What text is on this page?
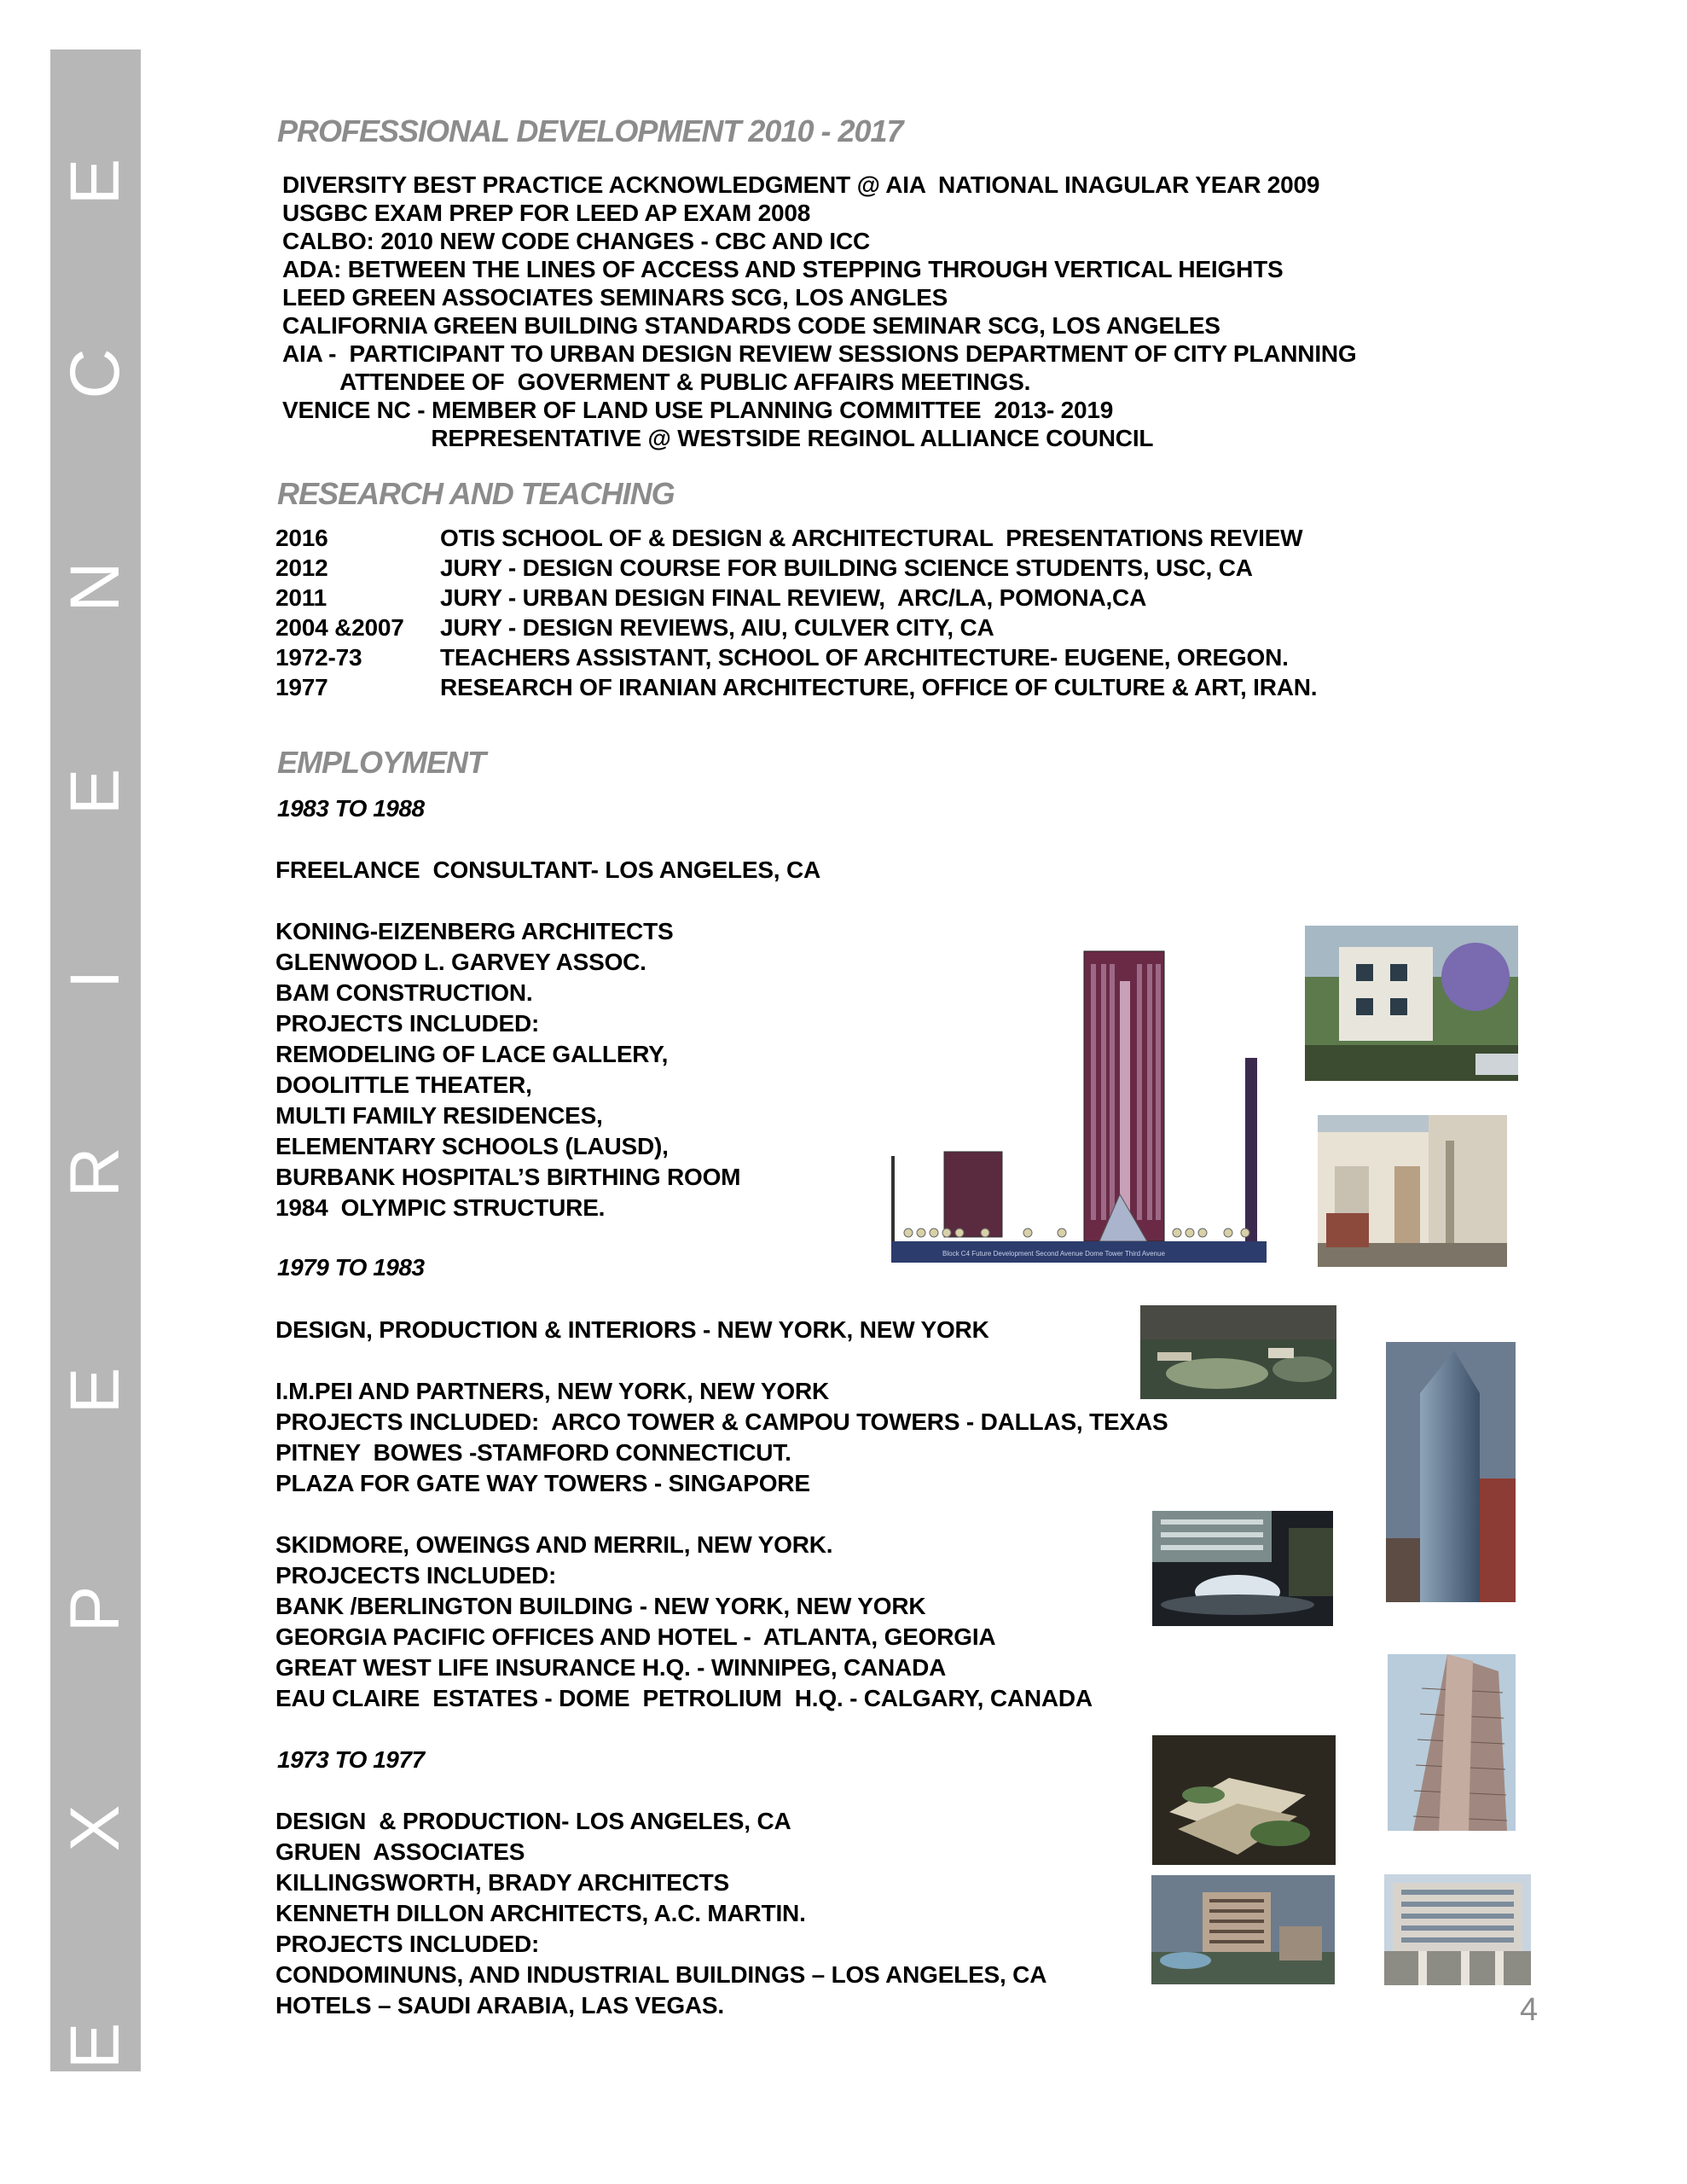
E
X
P
E
R
I
E
N
C
E
PROFESSIONAL DEVELOPMENT 2010 - 2017
DIVERSITY BEST PRACTICE ACKNOWLEDGMENT @ AIA  NATIONAL INAGULAR YEAR 2009
USGBC EXAM PREP FOR LEED AP EXAM 2008
CALBO: 2010 NEW CODE CHANGES - CBC AND ICC
ADA: BETWEEN THE LINES OF ACCESS AND STEPPING THROUGH VERTICAL HEIGHTS
LEED GREEN ASSOCIATES SEMINARS SCG, LOS ANGLES
CALIFORNIA GREEN BUILDING STANDARDS CODE SEMINAR SCG, LOS ANGELES
AIA -  PARTICIPANT TO URBAN DESIGN REVIEW SESSIONS DEPARTMENT OF CITY PLANNING
ATTENDEE OF  GOVERMENT & PUBLIC AFFAIRS MEETINGS.
VENICE NC - MEMBER OF LAND USE PLANNING COMMITTEE  2013- 2019
REPRESENTATIVE @ WESTSIDE REGINOL ALLIANCE COUNCIL
RESEARCH AND TEACHING
2016	OTIS SCHOOL OF & DESIGN & ARCHITECTURAL  PRESENTATIONS REVIEW
2012	JURY - DESIGN COURSE FOR BUILDING SCIENCE STUDENTS, USC, CA
2011	JURY - URBAN DESIGN FINAL REVIEW,  ARC/LA, POMONA,CA
2004 &2007 JURY - DESIGN REVIEWS, AIU, CULVER CITY, CA
1972-73	TEACHERS ASSISTANT, SCHOOL OF ARCHITECTURE- EUGENE, OREGON.
1977	RESEARCH OF IRANIAN ARCHITECTURE, OFFICE OF CULTURE & ART, IRAN.
EMPLOYMENT
1983 TO 1988
FREELANCE  CONSULTANT- LOS ANGELES, CA
KONING-EIZENBERG ARCHITECTS
GLENWOOD L. GARVEY ASSOC.
BAM CONSTRUCTION.
PROJECTS INCLUDED:
REMODELING OF LACE GALLERY,
DOOLITTLE THEATER,
MULTI FAMILY RESIDENCES,
ELEMENTARY SCHOOLS (LAUSD),
BURBANK HOSPITAL’S BIRTHING ROOM
1984  OLYMPIC STRUCTURE.
1979 TO 1983
DESIGN, PRODUCTION & INTERIORS - NEW YORK, NEW YORK
I.M.PEI AND PARTNERS, NEW YORK, NEW YORK
PROJECTS INCLUDED:  ARCO TOWER & CAMPOU TOWERS - DALLAS, TEXAS
PITNEY  BOWES -STAMFORD CONNECTICUT.
PLAZA FOR GATE WAY TOWERS - SINGAPORE
SKIDMORE, OWEINGS AND MERRIL, NEW YORK.
PROJCECTS INCLUDED:
BANK /BERLINGTON BUILDING - NEW YORK, NEW YORK
GEORGIA PACIFIC OFFICES AND HOTEL -  ATLANTA, GEORGIA
GREAT WEST LIFE INSURANCE H.Q. - WINNIPEG, CANADA
EAU CLAIRE  ESTATES - DOME  PETROLIUM  H.Q. - CALGARY, CANADA
1973 TO 1977
DESIGN  & PRODUCTION- LOS ANGELES, CA
GRUEN  ASSOCIATES
KILLINGSWORTH, BRADY ARCHITECTS
KENNETH DILLON ARCHITECTS, A.C. MARTIN.
PROJECTS INCLUDED:
CONDOMINUNS, AND INDUSTRIAL BUILDINGS – LOS ANGELES, CA
HOTELS – SAUDI ARABIA, LAS VEGAS.
Block C4 Future Development Second Avenue Dome Tower Third Avenue
4
